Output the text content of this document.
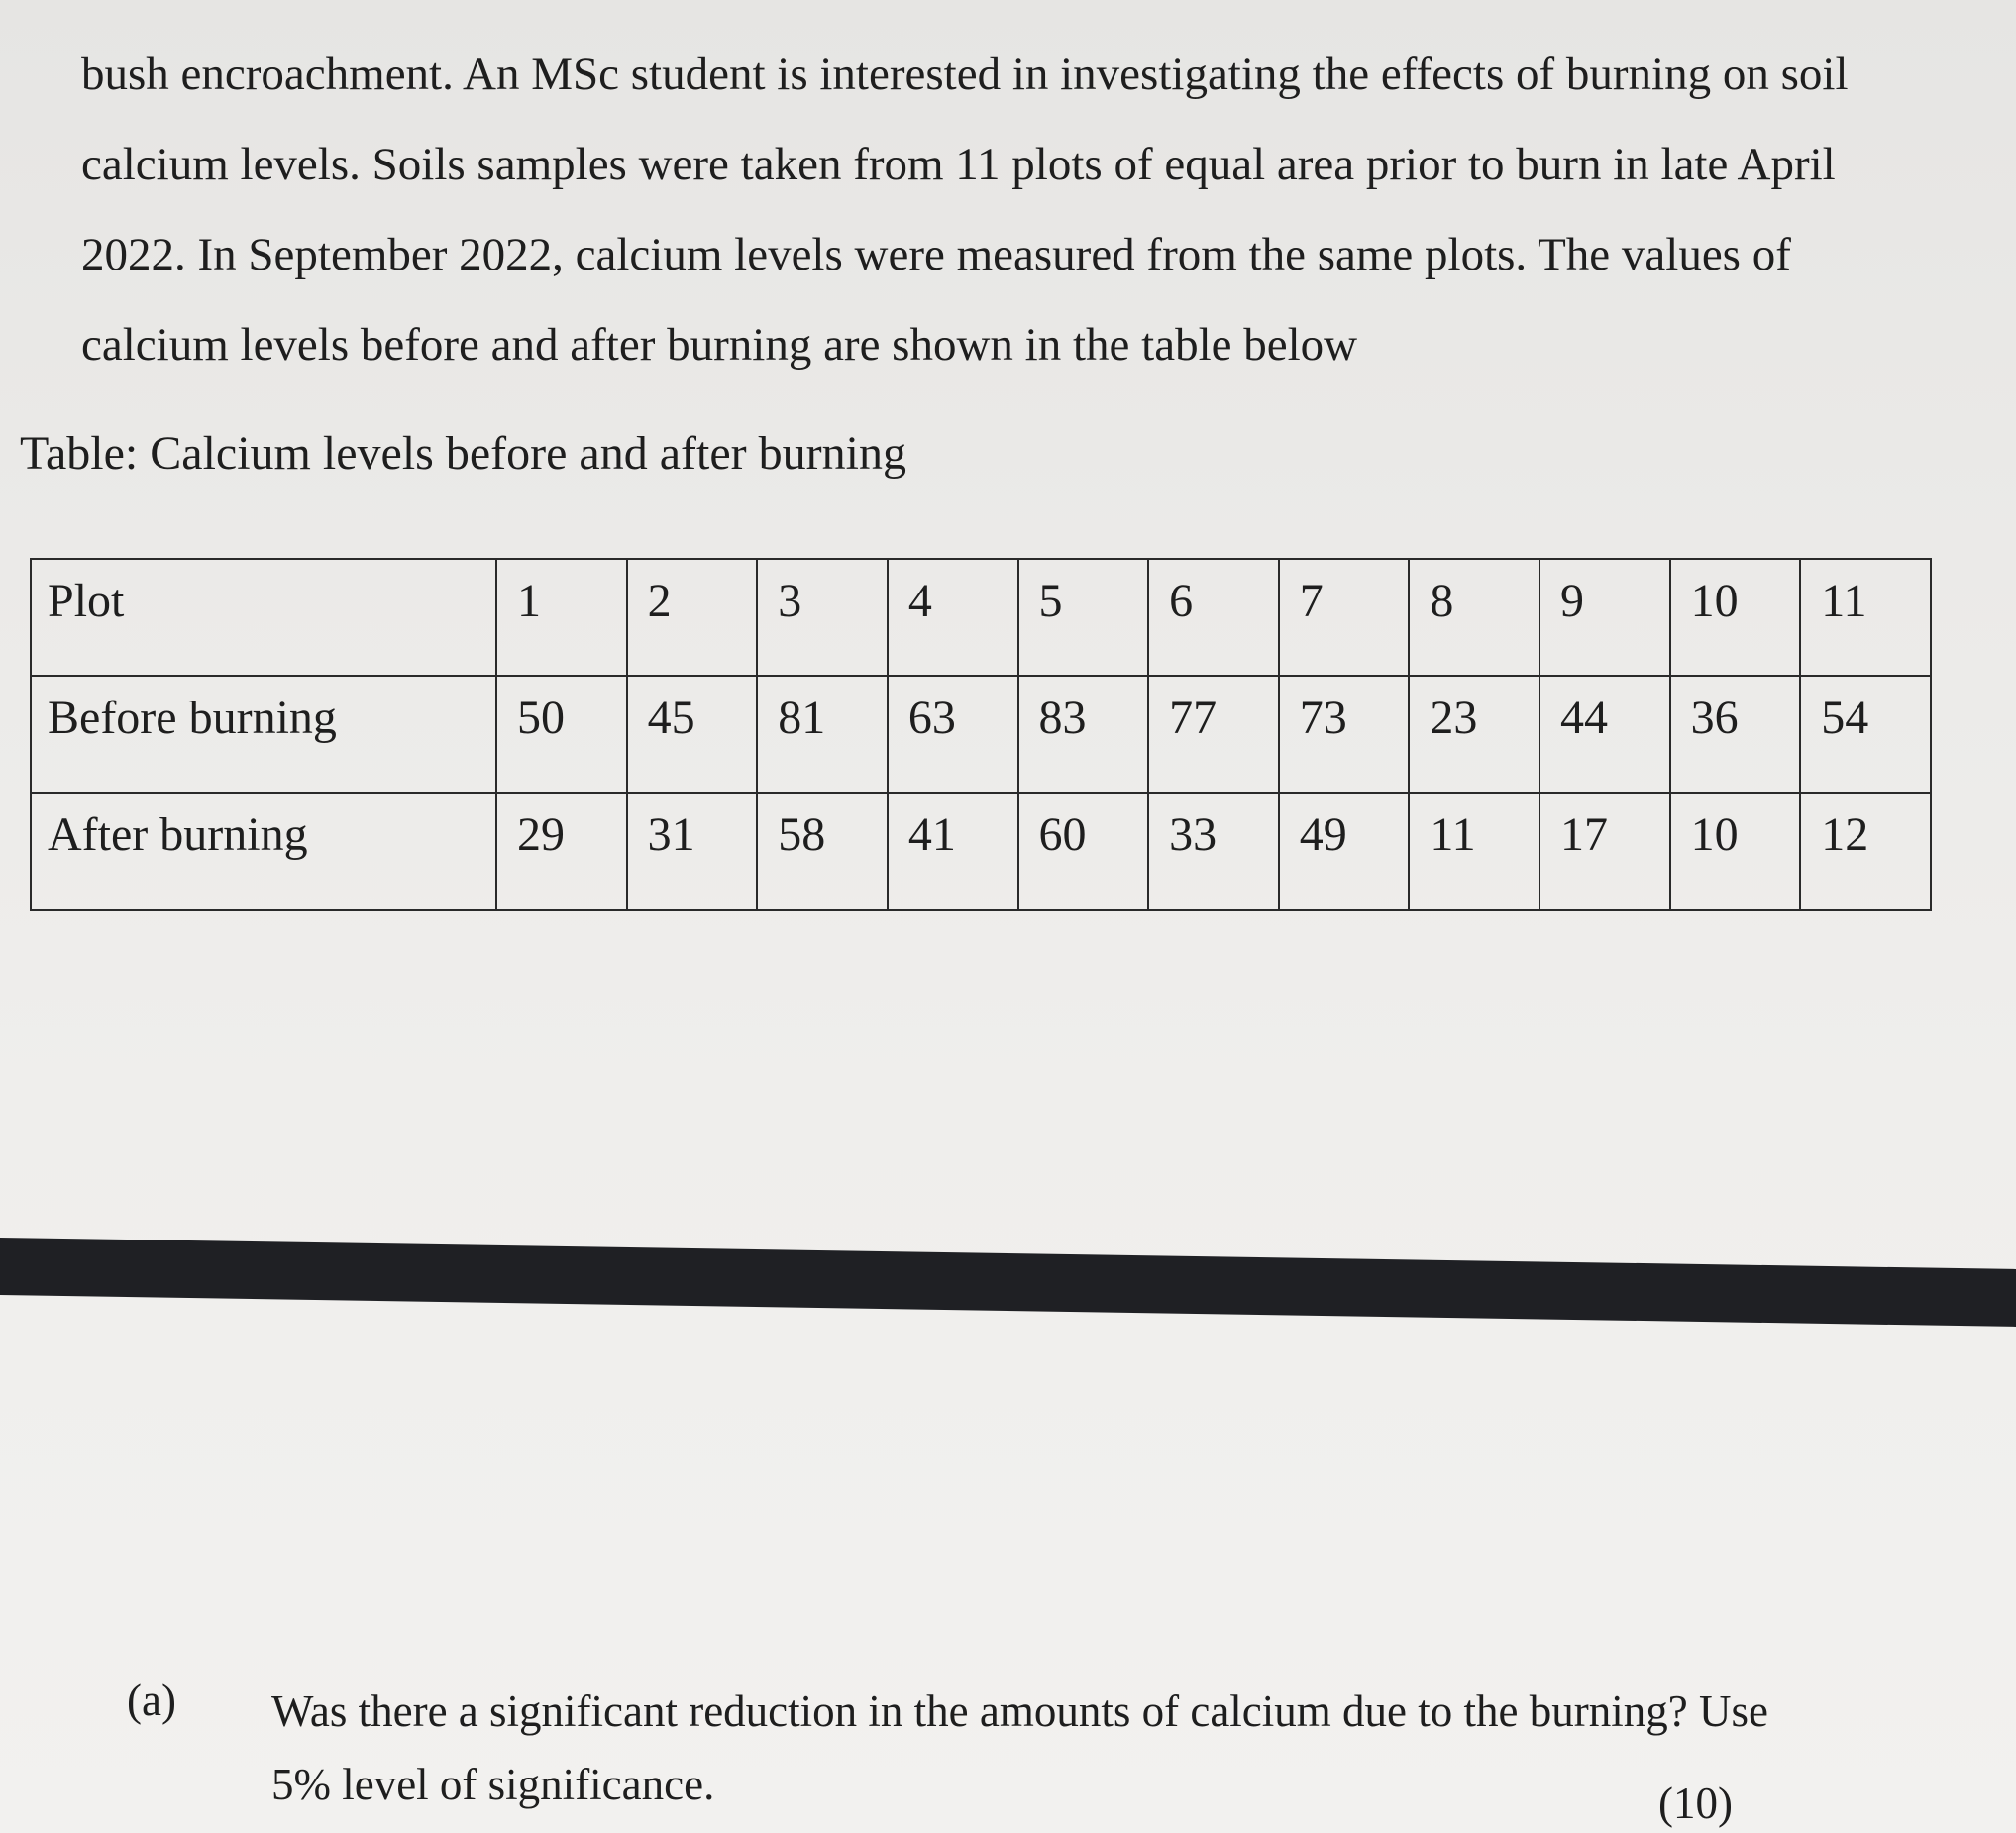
bush encroachment. An MSc student is interested in investigating the effects of burning on soil
calcium levels. Soils samples were taken from 11 plots of equal area prior to burn in late April
2022. In September 2022, calcium levels were measured from the same plots. The values of
calcium levels before and after burning are shown in the table below
Table: Calcium levels before and after burning
Plot	1	2	3	4	5	6	7	8	9	10	11
Before burning	50	45	81	63	83	77	73	23	44	36	54
After burning	29	31	58	41	60	33	49	11	17	10	12
(a) Was there a significant reduction in the amounts of calcium due to the burning? Use
5% level of significance.	(10)
